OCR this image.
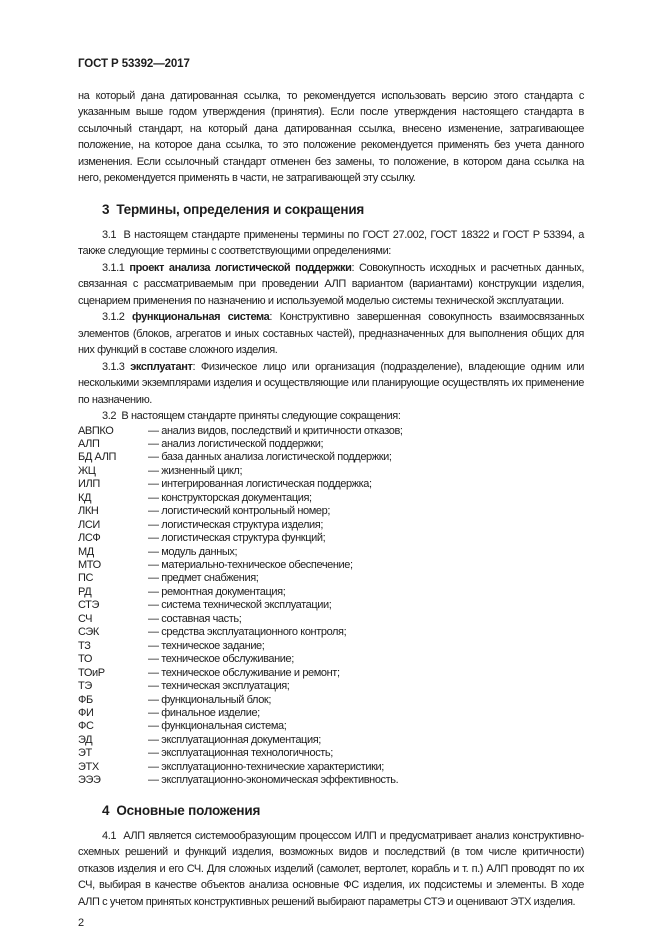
ГОСТ Р 53392—2017

на который дана датированная ссылка, то рекомендуется использовать версию этого стандарта с указанным выше годом утверждения (принятия). Если после утверждения настоящего стандарта в ссылочный стандарт, на который дана датированная ссылка, внесено изменение, затрагивающее положение, на которое дана ссылка, то это положение рекомендуется применять без учета данного изменения. Если ссылочный стандарт отменен без замены, то положение, в котором дана ссылка на него, рекомендуется применять в части, не затрагивающей эту ссылку.

3 Термины, определения и сокращения

3.1 В настоящем стандарте применены термины по ГОСТ 27.002, ГОСТ 18322 и ГОСТ Р 53394, а также следующие термины с соответствующими определениями:

3.1.1 проект анализа логистической поддержки: Совокупность исходных и расчетных данных, связанная с рассматриваемым при проведении АЛП вариантом (вариантами) конструкции изделия, сценарием применения по назначению и используемой моделью системы технической эксплуатации.

3.1.2 функциональная система: Конструктивно завершенная совокупность взаимосвязанных элементов (блоков, агрегатов и иных составных частей), предназначенных для выполнения общих для них функций в составе сложного изделия.

3.1.3 эксплуатант: Физическое лицо или организация (подразделение), владеющие одним или несколькими экземплярами изделия и осуществляющие или планирующие осуществлять их применение по назначению.

3.2 В настоящем стандарте приняты следующие сокращения:

АВПКО	— анализ видов, последствий и критичности отказов;
АЛП	— анализ логистической поддержки;
БД АЛП	— база данных анализа логистической поддержки;
ЖЦ	— жизненный цикл;
ИЛП	— интегрированная логистическая поддержка;
КД	— конструкторская документация;
ЛКН	— логистический контрольный номер;
ЛСИ	— логистическая структура изделия;
ЛСФ	— логистическая структура функций;
МД	— модуль данных;
МТО	— материально-техническое обеспечение;
ПС	— предмет снабжения;
РД	— ремонтная документация;
СТЭ	— система технической эксплуатации;
СЧ	— составная часть;
СЭК	— средства эксплуатационного контроля;
ТЗ	— техническое задание;
ТО	— техническое обслуживание;
ТОиР	— техническое обслуживание и ремонт;
ТЭ	— техническая эксплуатация;
ФБ	— функциональный блок;
ФИ	— финальное изделие;
ФС	— функциональная система;
ЭД	— эксплуатационная документация;
ЭТ	— эксплуатационная технологичность;
ЭТХ	— эксплуатационно-технические характеристики;
ЭЭЭ	— эксплуатационно-экономическая эффективность.
4 Основные положения

4.1 АЛП является системообразующим процессом ИЛП и предусматривает анализ конструктивно-схемных решений и функций изделия, возможных видов и последствий (в том числе критичности) отказов изделия и его СЧ. Для сложных изделий (самолет, вертолет, корабль и т. п.) АЛП проводят по их СЧ, выбирая в качестве объектов анализа основные ФС изделия, их подсистемы и элементы. В ходе АЛП с учетом принятых конструктивных решений выбирают параметры СТЭ и оценивают ЭТХ изделия.

2
